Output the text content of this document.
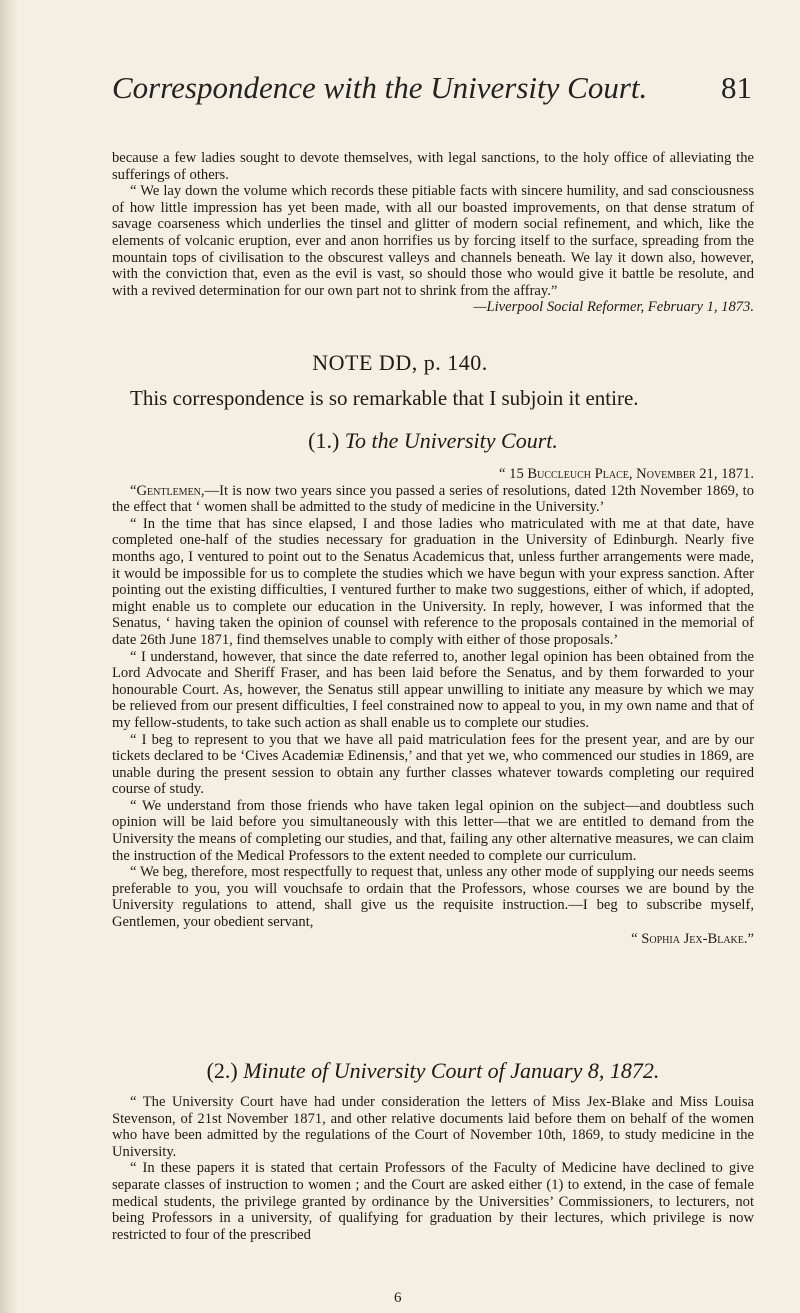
Correspondence with the University Court. 81

because a few ladies sought to devote themselves, with legal sanctions, to the holy office of alleviating the sufferings of others.

“ We lay down the volume which records these pitiable facts with sincere humility, and sad consciousness of how little impression has yet been made, with all our boasted improvements, on that dense stratum of savage coarseness which underlies the tinsel and glitter of modern social refinement, and which, like the elements of volcanic eruption, ever and anon horrifies us by forcing itself to the surface, spreading from the mountain tops of civilisation to the obscurest valleys and channels beneath. We lay it down also, however, with the conviction that, even as the evil is vast, so should those who would give it battle be resolute, and with a revived determination for our own part not to shrink from the affray.”

—Liverpool Social Reformer, February 1, 1873.

NOTE DD, p. 140.
This correspondence is so remarkable that I subjoin it entire.
(1.) To the University Court.

“ 15 Buccleuch Place, November 21, 1871.

“Gentlemen,—It is now two years since you passed a series of resolutions, dated 12th November 1869, to the effect that ‘ women shall be admitted to the study of medicine in the University.’

“ In the time that has since elapsed, I and those ladies who matriculated with me at that date, have completed one-half of the studies necessary for graduation in the University of Edinburgh. Nearly five months ago, I ventured to point out to the Senatus Academicus that, unless further arrangements were made, it would be impossible for us to complete the studies which we have begun with your express sanction. After pointing out the existing difficulties, I ventured further to make two suggestions, either of which, if adopted, might enable us to complete our education in the University. In reply, however, I was informed that the Senatus, ‘ having taken the opinion of counsel with reference to the proposals contained in the memorial of date 26th June 1871, find themselves unable to comply with either of those proposals.’

“ I understand, however, that since the date referred to, another legal opinion has been obtained from the Lord Advocate and Sheriff Fraser, and has been laid before the Senatus, and by them forwarded to your honourable Court. As, however, the Senatus still appear unwilling to initiate any measure by which we may be relieved from our present difficulties, I feel constrained now to appeal to you, in my own name and that of my fellow-students, to take such action as shall enable us to complete our studies.

“ I beg to represent to you that we have all paid matriculation fees for the present year, and are by our tickets declared to be ‘Cives Academiæ Edinensis,’ and that yet we, who commenced our studies in 1869, are unable during the present session to obtain any further classes whatever towards completing our required course of study.

“ We understand from those friends who have taken legal opinion on the subject—and doubtless such opinion will be laid before you simultaneously with this letter—that we are entitled to demand from the University the means of completing our studies, and that, failing any other alternative measures, we can claim the instruction of the Medical Professors to the extent needed to complete our curriculum.

“ We beg, therefore, most respectfully to request that, unless any other mode of supplying our needs seems preferable to you, you will vouchsafe to ordain that the Professors, whose courses we are bound by the University regulations to attend, shall give us the requisite instruction.—I beg to subscribe myself, Gentlemen, your obedient servant,

“ Sophia Jex-Blake.”

(2.) Minute of University Court of January 8, 1872.

“ The University Court have had under consideration the letters of Miss Jex-Blake and Miss Louisa Stevenson, of 21st November 1871, and other relative documents laid before them on behalf of the women who have been admitted by the regulations of the Court of November 10th, 1869, to study medicine in the University.

“ In these papers it is stated that certain Professors of the Faculty of Medicine have declined to give separate classes of instruction to women ; and the Court are asked either (1) to extend, in the case of female medical students, the privilege granted by ordinance by the Universities’ Commissioners, to lecturers, not being Professors in a university, of qualifying for graduation by their lectures, which privilege is now restricted to four of the prescribed

6
